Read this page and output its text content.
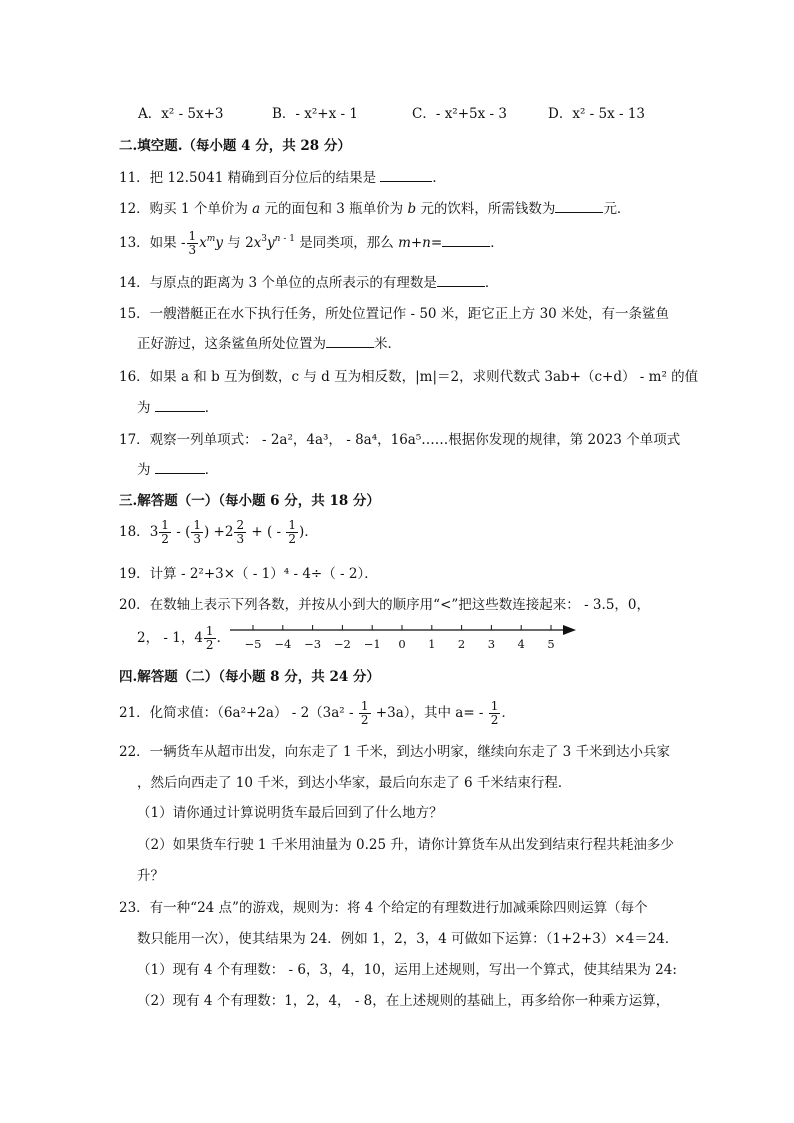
A．x² - 5x+3	B．- x²+x - 1	C．- x²+5x - 3	D．x² - 5x - 13
二.填空题.（每小题 4 分，共 28 分）
11．把 12.5041 精确到百分位后的结果是	．
12．购买 1 个单价为 a 元的面包和 3 瓶单价为 b 元的饮料，所需钱数为	元．
13．如果 - $\frac{1}{3} x^my$ 与 $2x^3y^{n - 1}$ 是同类项，那么 m+n=	．
14．与原点的距离为 3 个单位的点所表示的有理数是	．
15．一艘潜艇正在水下执行任务，所处位置记作 - 50 米，距它正上方 30 米处，有一条鲨鱼
正好游过，这条鲨鱼所处位置为	米．
16．如果 a 和 b 互为倒数，c 与 d 互为相反数，|m|＝2，求则代数式 3ab+（c+d） - m² 的值
为	．
17．观察一列单项式： - 2a²，4a³， - 8a⁴，16a⁵……根据你发现的规律，第 2023 个单项式
为	．
三.解答题（一）（每小题 6 分，共 18 分）
18．$3 \frac{1}{2}$ - ( $\frac{1}{3}$ ) $+2 \frac{2}{3}$ + ( - $\frac{1}{2}$ )．
19．计算 - 2²+3×（ - 1）⁴ - 4÷（ - 2）．
20．在数轴上表示下列各数，并按从小到大的顺序用“<”把这些数连接起来： - 3.5，0，
2， - 1，$4 \frac{1}{2}$ ． −5 −4 −3 −2 −1 0 1 2 3 4 5
四.解答题（二）（每小题 8 分，共 24 分）
21．化简求值：$(6a^2+2a) - 2(3a^2 - \frac{1}{2} +3a)$，其中 $a= - \frac{1}{2}$ ．
22．一辆货车从超市出发，向东走了 1 千米，到达小明家，继续向东走了 3 千米到达小兵家
，然后向西走了 10 千米，到达小华家，最后向东走了 6 千米结束行程．
（1）请你通过计算说明货车最后回到了什么地方？
（2）如果货车行驶 1 千米用油量为 0.25 升，请你计算货车从出发到结束行程共耗油多少
升？
23．有一种“24 点”的游戏，规则为：将 4 个给定的有理数进行加减乘除四则运算（每个
数只能用一次），使其结果为 24．例如 1，2，3，4 可做如下运算：（1+2+3）×4＝24．
（1）现有 4 个有理数： - 6，3，4，10，运用上述规则，写出一个算式，使其结果为 24:
（2）现有 4 个有理数：1，2，4， - 8，在上述规则的基础上，再多给你一种乘方运算，
